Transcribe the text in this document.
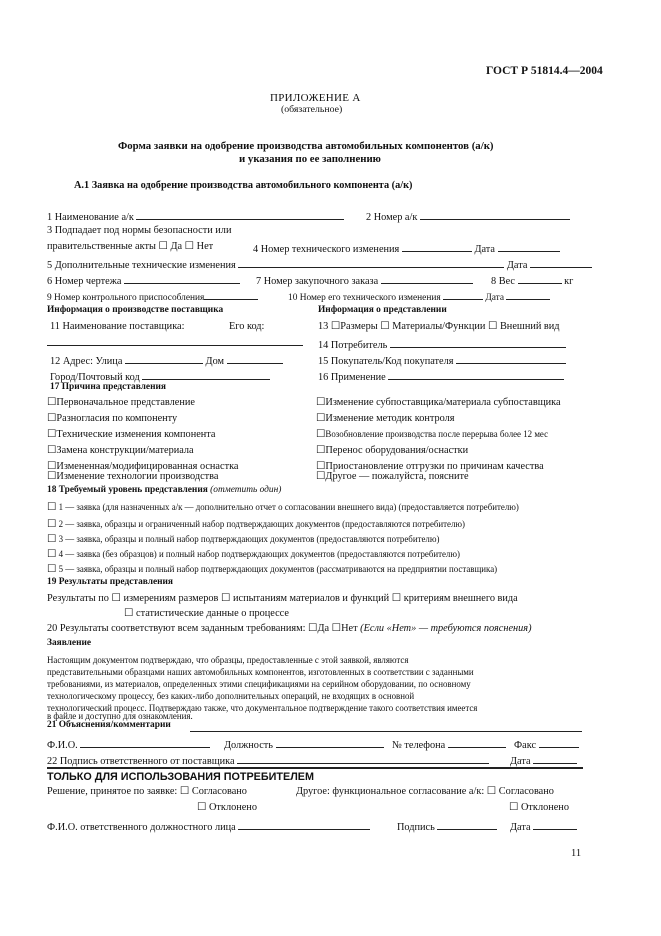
ГОСТ Р 51814.4—2004
ПРИЛОЖЕНИЕ А
(обязательное)
Форма заявки на одобрение производства автомобильных компонентов (а/к)
и указания по ее заполнению
А.1 Заявка на одобрение производства автомобильного компонента (а/к)
1 Наименование а/к	2 Номер а/к
3 Подпадает под нормы безопасности или
правительственные акты ☐ Да ☐ Нет	4 Номер технического изменения	Дата
5 Дополнительные технические изменения	Дата
6 Номер чертежа	7 Номер закупочного заказа	8 Вес	кг
9 Номер контрольного приспособления	10 Номер его технического изменения	Дата
Информация о производстве поставщика	Информация о представлении
11 Наименование поставщика:	Его код:	13 ☐Размеры ☐ Материалы/Функции ☐ Внешний вид
14 Потребитель
12 Адрес: Улица	Дом	15 Покупатель/Код покупателя
Город/Почтовый код	16 Применение
17 Причина представления
☐Первоначальное представление
☐Разногласия по компоненту
☐Технические изменения компонента
☐Замена конструкции/материала
☐Измененная/модифицированная оснастка
☐Изменение технологии производства
☐Изменение субпоставщика/материала субпоставщика
☐Изменение методик контроля
☐Возобновление производства после перерыва более 12 мес
☐Перенос оборудования/оснастки
☐Приостановление отгрузки по причинам качества
☐Другое — пожалуйста, поясните
18 Требуемый уровень представления (отметить один)
☐ 1 — заявка (для назначенных а/к — дополнительно отчет о согласовании внешнего вида) (предоставляется потребителю)
☐ 2 — заявка, образцы и ограниченный набор подтверждающих документов (предоставляются потребителю)
☐ 3 — заявка, образцы и полный набор подтверждающих документов (предоставляются потребителю)
☐ 4 — заявка (без образцов) и полный набор подтверждающих документов (предоставляются потребителю)
☐ 5 — заявка, образцы и полный набор подтверждающих документов (рассматриваются на предприятии поставщика)
19 Результаты представления
Результаты по ☐ измерениям размеров ☐ испытаниям материалов и функций ☐ критериям внешнего вида
☐ статистические данные о процессе
20 Результаты соответствуют всем заданным требованиям: ☐Да ☐Нет (Если «Нет» — требуются пояснения)
Заявление
Настоящим документом подтверждаю, что образцы, предоставленные с этой заявкой, являются
представительными образцами наших автомобильных компонентов, изготовленных в соответствии с заданными
требованиями, из материалов, определенных этими спецификациями на серийном оборудовании, по основному
технологическому процессу, без каких-либо дополнительных операций, не входящих в основной
технологический процесс. Подтверждаю также, что документальное подтверждение такого соответствия имеется
в файле и доступно для ознакомления.
21 Объяснения/комментарии
Ф.И.О.	Должность	№ телефона	Факс
22 Подпись ответственного от поставщика	Дата
ТОЛЬКО ДЛЯ ИСПОЛЬЗОВАНИЯ ПОТРЕБИТЕЛЕМ
Решение, принятое по заявке: ☐ Согласовано	Другое: функциональное согласование а/к: ☐ Согласовано
☐ Отклонено	☐ Отклонено
Ф.И.О. ответственного должностного лица	Подпись	Дата
11
